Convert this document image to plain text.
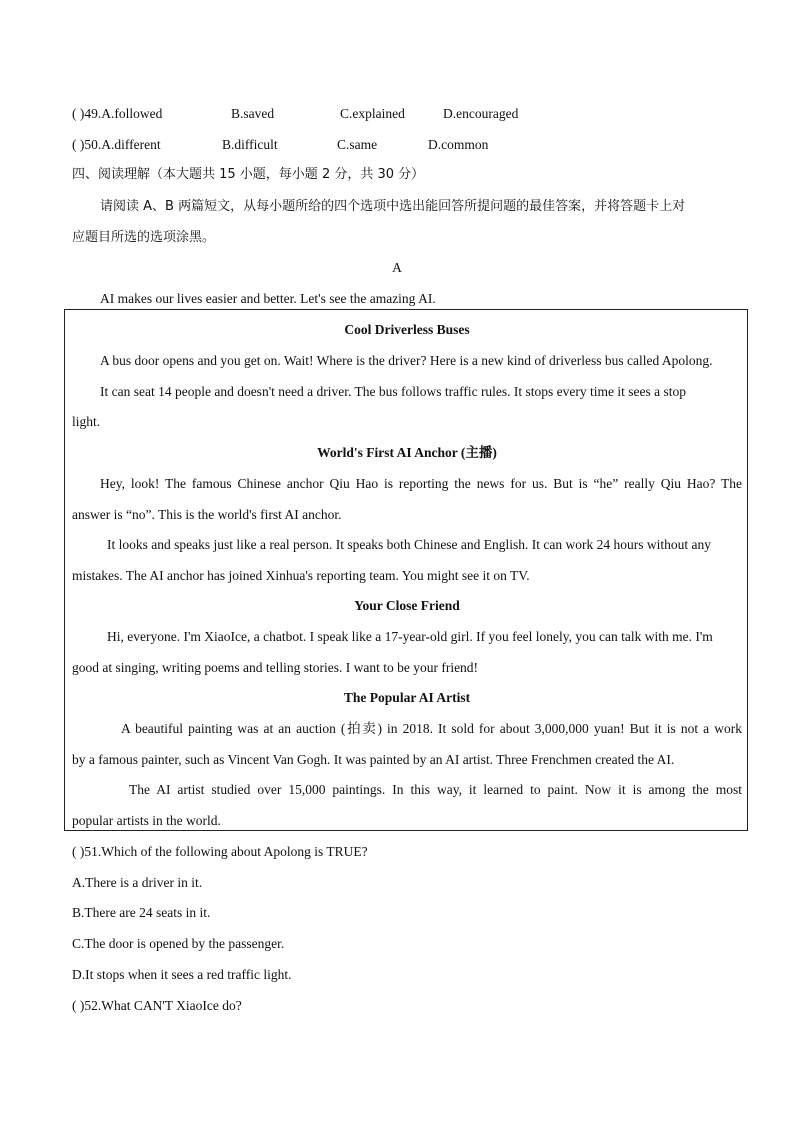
( )49.A.followed	B.saved	C.explained	D.encouraged
( )50.A.different	B.difficult	C.same	D.common
四、阅读理解（本大题共 15 小题，每小题 2 分，共 30 分）
请阅读 A、B 两篇短文，从每小题所给的四个选项中选出能回答所提问题的最佳答案，并将答题卡上对
应题目所选的选项涂黑。
A
AI makes our lives easier and better. Let's see the amazing AI.
Cool Driverless Buses
A bus door opens and you get on. Wait! Where is the driver? Here is a new kind of driverless bus called Apolong.
It can seat 14 people and doesn't need a driver. The bus follows traffic rules. It stops every time it sees a stop
light.
World's First AI Anchor (主播)
Hey, look! The famous Chinese anchor Qiu Hao is reporting the news for us. But is “he” really Qiu Hao? The
answer is “no”. This is the world's first AI anchor.
It looks and speaks just like a real person. It speaks both Chinese and English. It can work 24 hours without any
mistakes. The AI anchor has joined Xinhua's reporting team. You might see it on TV.
Your Close Friend
Hi, everyone. I'm XiaoIce, a chatbot. I speak like a 17-year-old girl. If you feel lonely, you can talk with me. I'm
good at singing, writing poems and telling stories. I want to be your friend!
The Popular AI Artist
A beautiful painting was at an auction (拍卖) in 2018. It sold for about 3,000,000 yuan! But it is not a work
by a famous painter, such as Vincent Van Gogh. It was painted by an AI artist. Three Frenchmen created the AI.
The AI artist studied over 15,000 paintings. In this way, it learned to paint. Now it is among the most
popular artists in the world.
( )51.Which of the following about Apolong is TRUE?
A.There is a driver in it.
B.There are 24 seats in it.
C.The door is opened by the passenger.
D.It stops when it sees a red traffic light.
( )52.What CAN'T XiaoIce do?
